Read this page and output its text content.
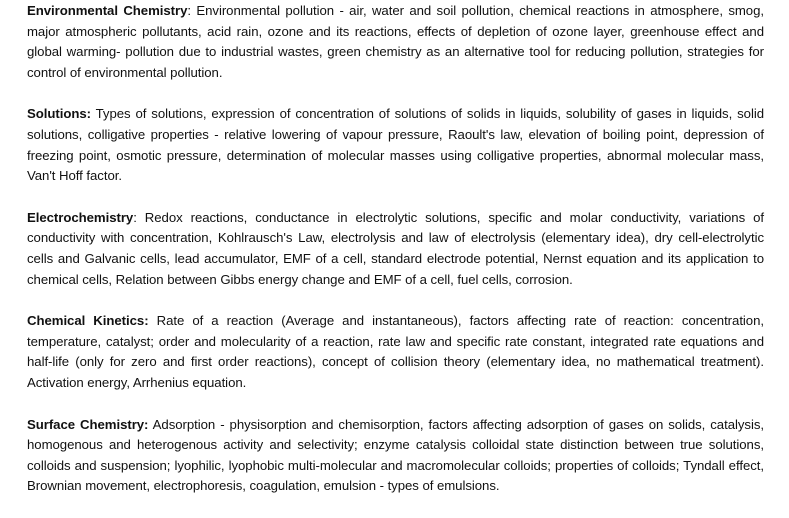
Environmental Chemistry: Environmental pollution - air, water and soil pollution, chemical reactions in atmosphere, smog, major atmospheric pollutants, acid rain, ozone and its reactions, effects of depletion of ozone layer, greenhouse effect and global warming- pollution due to industrial wastes, green chemistry as an alternative tool for reducing pollution, strategies for control of environmental pollution.

Solutions: Types of solutions, expression of concentration of solutions of solids in liquids, solubility of gases in liquids, solid solutions, colligative properties - relative lowering of vapour pressure, Raoult's law, elevation of boiling point, depression of freezing point, osmotic pressure, determination of molecular masses using colligative properties, abnormal molecular mass, Van't Hoff factor.

Electrochemistry: Redox reactions, conductance in electrolytic solutions, specific and molar conductivity, variations of conductivity with concentration, Kohlrausch's Law, electrolysis and law of electrolysis (elementary idea), dry cell-electrolytic cells and Galvanic cells, lead accumulator, EMF of a cell, standard electrode potential, Nernst equation and its application to chemical cells, Relation between Gibbs energy change and EMF of a cell, fuel cells, corrosion.

Chemical Kinetics: Rate of a reaction (Average and instantaneous), factors affecting rate of reaction: concentration, temperature, catalyst; order and molecularity of a reaction, rate law and specific rate constant, integrated rate equations and half-life (only for zero and first order reactions), concept of collision theory (elementary idea, no mathematical treatment). Activation energy, Arrhenius equation.

Surface Chemistry: Adsorption - physisorption and chemisorption, factors affecting adsorption of gases on solids, catalysis, homogenous and heterogenous activity and selectivity; enzyme catalysis colloidal state distinction between true solutions, colloids and suspension; lyophilic, lyophobic multi-molecular and macromolecular colloids; properties of colloids; Tyndall effect, Brownian movement, electrophoresis, coagulation, emulsion - types of emulsions.
